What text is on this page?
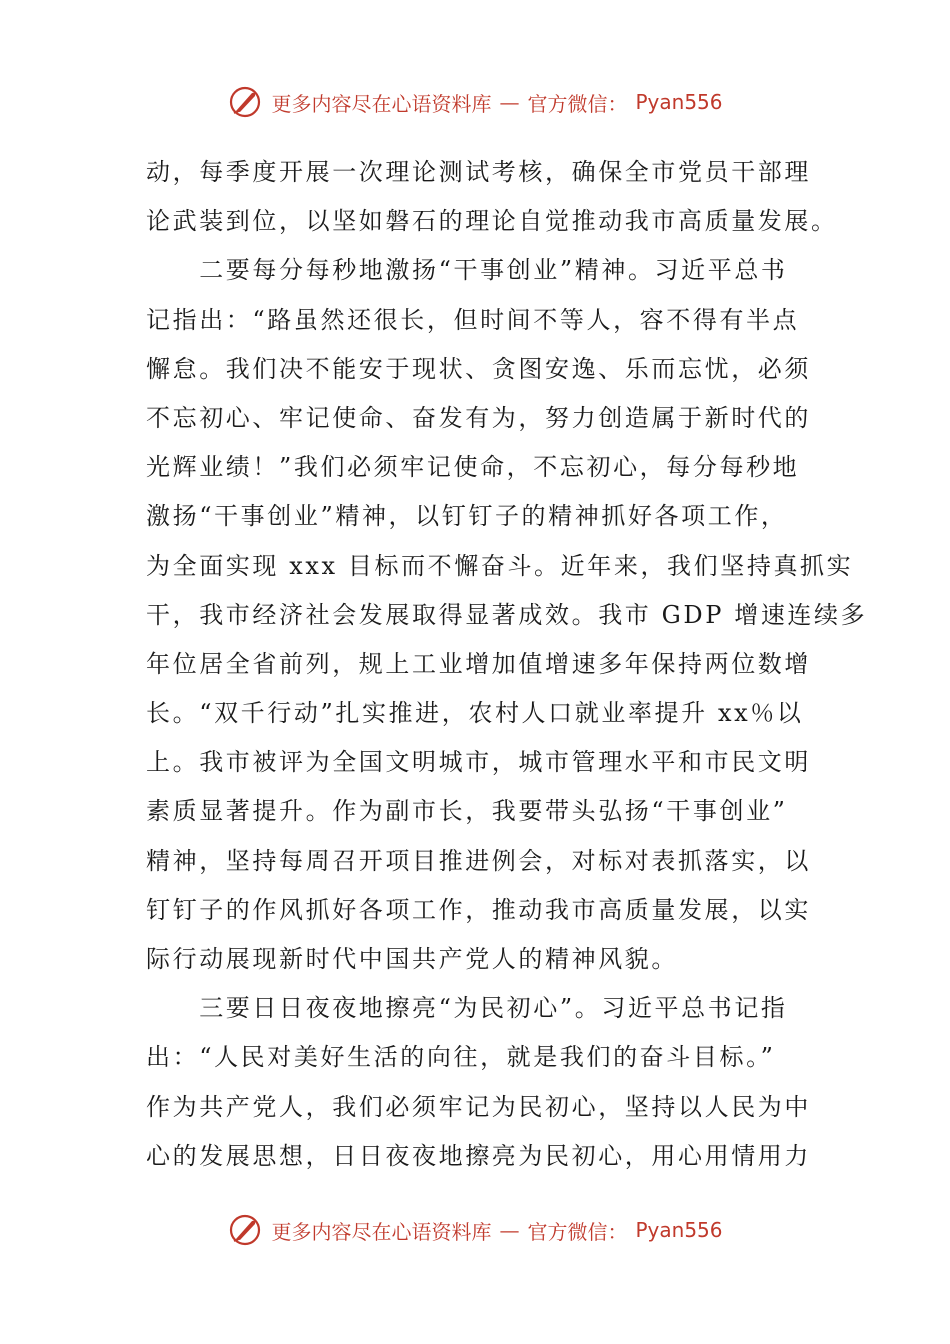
更多内容尽在心语资料库 — 官方微信： Pyan556
动，每季度开展一次理论测试考核，确保全市党员干部理
论武装到位，以坚如磐石的理论自觉推动我市高质量发展。
　　二要每分每秒地激扬“干事创业”精神。习近平总书
记指出：“路虽然还很长，但时间不等人，容不得有半点
懈怠。我们决不能安于现状、贪图安逸、乐而忘忧，必须
不忘初心、牢记使命、奋发有为，努力创造属于新时代的
光辉业绩！”我们必须牢记使命，不忘初心，每分每秒地
激扬“干事创业”精神，以钉钉子的精神抓好各项工作，
为全面实现 xxx 目标而不懈奋斗。近年来，我们坚持真抓实
干，我市经济社会发展取得显著成效。我市 GDP 增速连续多
年位居全省前列，规上工业增加值增速多年保持两位数增
长。“双千行动”扎实推进，农村人口就业率提升 xx％以
上。我市被评为全国文明城市，城市管理水平和市民文明
素质显著提升。作为副市长，我要带头弘扬“干事创业”
精神，坚持每周召开项目推进例会，对标对表抓落实，以
钉钉子的作风抓好各项工作，推动我市高质量发展，以实
际行动展现新时代中国共产党人的精神风貌。
　　三要日日夜夜地擦亮“为民初心”。习近平总书记指
出：“人民对美好生活的向往，就是我们的奋斗目标。”
作为共产党人，我们必须牢记为民初心，坚持以人民为中
心的发展思想，日日夜夜地擦亮为民初心，用心用情用力
更多内容尽在心语资料库 — 官方微信： Pyan556
